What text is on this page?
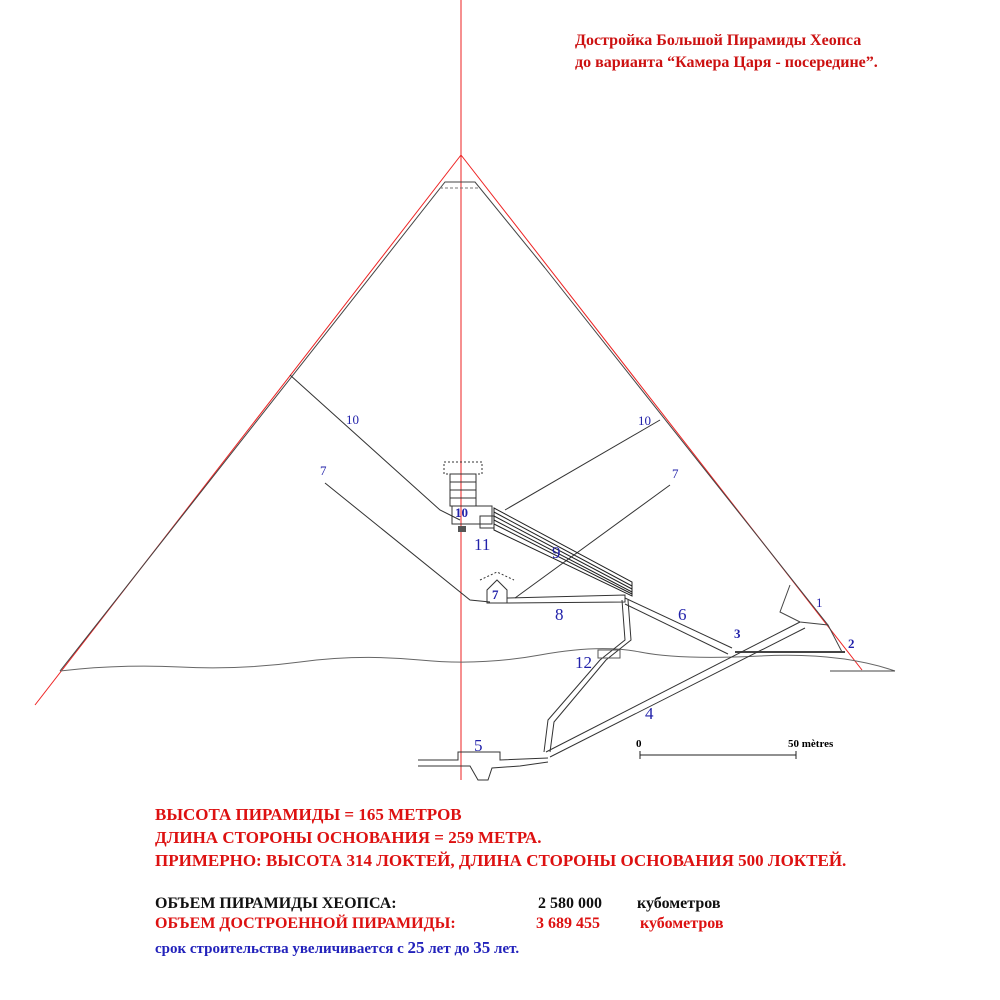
0	50 mètres
10	10
7	7
10
11	9
7
8	6
1
3
2
12
4
5
Достройка Большой Пирамиды Хеопса
до варианта “Камера Царя - посередине”.
ВЫСОТА ПИРАМИДЫ = 165 МЕТРОВ
ДЛИНА СТОРОНЫ ОСНОВАНИЯ = 259 МЕТРА.
ПРИМЕРНО: ВЫСОТА 314 ЛОКТЕЙ, ДЛИНА СТОРОНЫ ОСНОВАНИЯ 500 ЛОКТЕЙ.
ОБЪЕМ ПИРАМИДЫ ХЕОПСА:	2 580 000 кубометров
ОБЪЕМ ДОСТРОЕННОЙ ПИРАМИДЫ:	3 689 455	кубометров
срок строительства увеличивается с 25 лет до 35 лет.
